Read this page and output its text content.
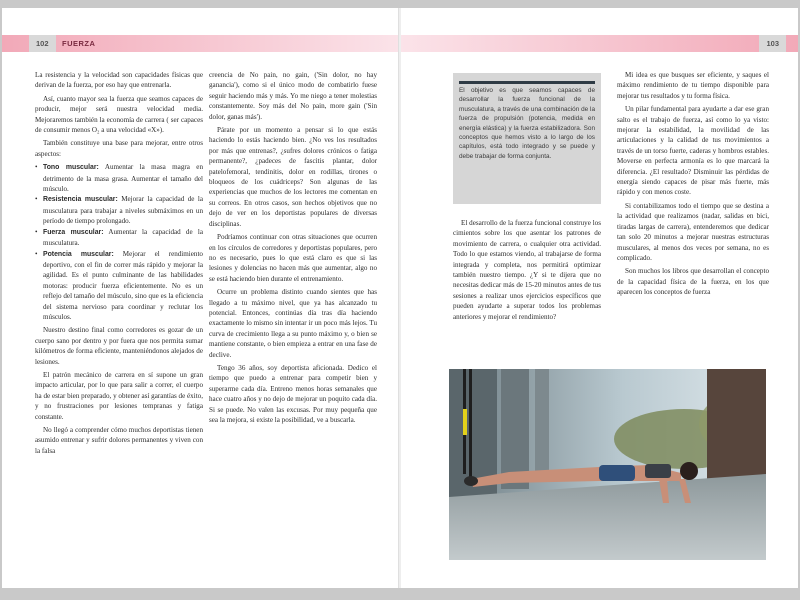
102	FUERZA

La resistencia y la velocidad son capacidades físicas que derivan de la fuerza, por eso hay que entrenarla.

Así, cuanto mayor sea la fuerza que seamos capaces de producir, mejor será nuestra velocidad media. Mejoraremos también la economía de carrera ( ser capaces de consumir menos O₂ a una velocidad «X»).

También constituye una base para mejorar, entre otros aspectos:

• Tono muscular: Aumentar la masa magra en detrimento de la masa grasa. Aumentar el tamaño del músculo.
• Resistencia muscular: Mejorar la capacidad de la musculatura para trabajar a niveles submáximos en un período de tiempo prolongado.
• Fuerza muscular: Aumentar la capacidad de la musculatura.
• Potencia muscular: Mejorar el rendimiento deportivo, con el fin de correr más rápido y mejorar la agilidad. Es el punto culminante de las habilidades motoras: producir fuerza eficientemente. No es un reflejo del tamaño del músculo, sino que es la eficiencia del sistema nervioso para coordinar y reclutar los músculos.

Nuestro destino final como corredores es gozar de un cuerpo sano por dentro y por fuera que nos permita sumar kilómetros de forma eficiente, manteniéndonos alejados de lesiones.

El patrón mecánico de carrera en sí supone un gran impacto articular, por lo que para salir a correr, el cuerpo ha de estar bien preparado, y obtener así garantías de éxito, y no frustraciones por lesiones tempranas y fatiga constante.

No llegó a comprender cómo muchos deportistas tienen asumido entrenar y sufrir dolores permanentes y viven con la falsa

creencia de No pain, no gain, ('Sin dolor, no hay ganancia'), como si el único modo de combatirlo fuese seguir haciendo más y más. Yo me niego a tener molestias constantemente. Soy más del No pain, more gain ('Sin dolor, ganas más').

Párate por un momento a pensar si lo que estás haciendo lo estás haciendo bien. ¿No ves los resultados por más que entrenas?, ¿sufres dolores crónicos o fatiga permanente?, ¿padeces de fascitis plantar, dolor patelofemoral, tendinitis, dolor en rodillas, tirones o bloqueos de los cuádriceps? Son algunas de las experiencias que muchos de los lectores me comentan en su correos. En otros casos, son hechos objetivos que no dejo de ver en los deportistas populares de diversas disciplinas.

Podríamos continuar con otras situaciones que ocurren en los círculos de corredores y deportistas populares, pero no es necesario, pues lo que está claro es que si las lesiones y dolencias no hacen más que aumentar, algo no se está haciendo bien durante el entrenamiento.

Ocurre un problema distinto cuando sientes que has llegado a tu máximo nivel, que ya has alcanzado tu potencial. Entonces, continúas día tras día haciendo exactamente lo mismo sin intentar ir un poco más lejos. Tu curva de crecimiento llega a su punto máximo y, o bien se mantiene constante, o bien empieza a entrar en una fase de declive.

Tengo 36 años, soy deportista aficionada. Dedico el tiempo que puedo a entrenar para competir bien y superarme cada día. Entreno menos horas semanales que hace cuatro años y no dejo de mejorar un poquito cada día. Si se puede. No valen las excusas. Por muy pequeña que sea la mejora, si existe la posibilidad, ve a buscarla.

103
El objetivo es que seamos capaces de desarrollar la fuerza funcional de la musculatura, a través de una combinación de la fuerza de propulsión (potencia, medida en energía elástica) y la fuerza estabilizadora. Son conceptos que hemos visto a lo largo de los capítulos, está todo integrado y se puede y debe trabajar de forma conjunta.

El desarrollo de la fuerza funcional construye los cimientos sobre los que asentar los patrones de movimiento de carrera, o cualquier otra actividad. Todo lo que estamos viendo, al trabajarse de forma integrada y completa, nos permitirá optimizar también nuestro tiempo. ¿Y si te dijera que no necesitas dedicar más de 15-20 minutos antes de tus sesiones a realizar unos ejercicios específicos que pueden ayudarte a superar todos los problemas anteriores y mejorar el rendimiento?

Mi idea es que busques ser eficiente, y saques el máximo rendimiento de tu tiempo disponible para mejorar tus resultados y tu forma física.

Un pilar fundamental para ayudarte a dar ese gran salto es el trabajo de fuerza, así como lo ya visto: mejorar la estabilidad, la movilidad de las articulaciones y la calidad de tus movimientos a través de un torso fuerte, caderas y hombros estables. Moverse en perfecta armonía es lo que marcará la diferencia. ¿El resultado? Disminuir las pérdidas de energía siendo capaces de pisar más fuerte, más rápido y con menos coste.

Si contabilizamos todo el tiempo que se destina a la actividad que realizamos (nadar, salidas en bici, tiradas largas de carrera), entenderemos que dedicar tan solo 20 minutos a mejorar nuestras estructuras musculares, al menos dos veces por semana, no es complicado.

Son muchos los libros que desarrollan el concepto de la capacidad física de la fuerza, en los que aparecen los conceptos de fuerza
